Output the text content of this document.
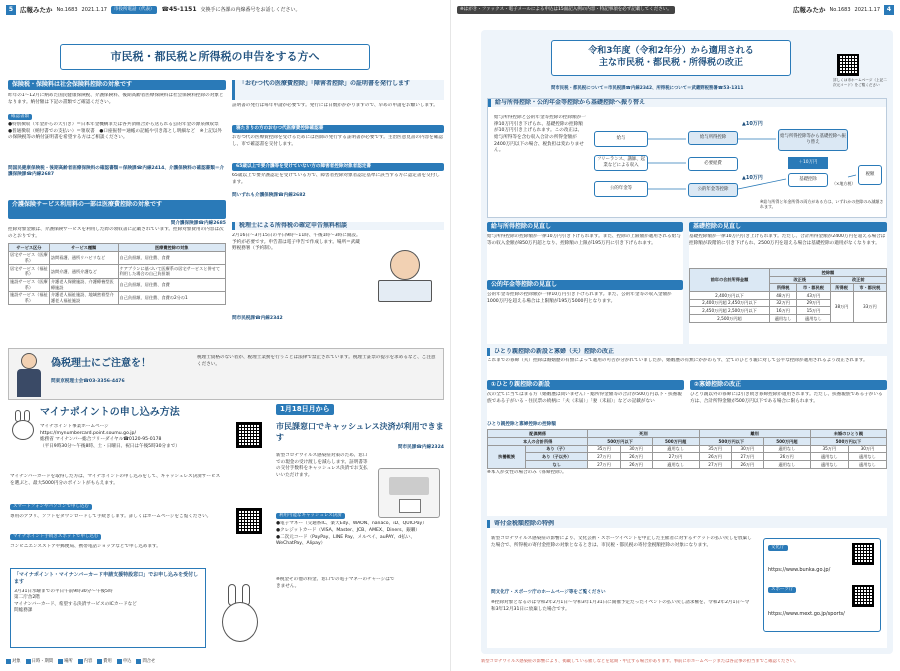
5	広報みたか No.1683 2021.1.17	市役所電話（代表）	☎45-1151 交換手に各課の内線番号をお話しください。
市民税・都民税と所得税の申告をする方へ
保険税・保険料は社会保険料控除の対象です
昨年の1〜12月に納めた国民健康保険税、介護保険料、後期高齢者医療保険料は社会保険料控除の対象となります。納付額は下記の書類でご確認ください。
確認書類
●特別徴収（年金からの天引き）＝日本年金機構または各共済組合から送られる公的年金の源泉徴収票　●普通徴収（納付書での支払い）＝領収書　●口座振替＝通帳の記帳や引き落とし明細など　※上記以外の保険税等の納付証明書を希望する方はご相談ください。
問国民健康保険税・後期高齢者医療保険料の確認書類＝保険課☎内線2414、介護保険料の確認書類＝介護保険課☎内線2687
介護保険サービス利用料の一部は医療費控除の対象です
問介護保険課☎内線2685
控除対象金額は、介護保険サービスを利用した際の領収書に記載されています。控除対象費用の内容は次のとおりです。
サービス区分	サービス種類	医療費控除の対象
居宅サービス（医療系）	訪問看護、通所リハビリなど	自己負担額、居住費、食費
居宅サービス（福祉系）	訪問介護、通所介護など	ケアプランに基づいて医療系の居宅サービスと併せて利用した場合の自己負担額
施設サービス（医療系）	介護老人保健施設、介護療養型医療施設	自己負担額、居住費、食費
施設サービス（福祉系）	介護老人福祉施設、地域密着型介護老人福祉施設	自己負担額、居住費、食費の2分の1
「おむつ代の医療費控除」「障害者控除」の証明書を発行します
証明書の発行は毎年申請が必要です。発行には日数がかかりますので、早めの申請をお願いします。
寝たきりの方のおむつ代医療費控除確認書
おむつ代の医療費控除を受けるためには医師の発行する証明書が必要です。主治医意見書の内容を確認し、市で確認書を交付します。
65歳以上で要介護等を受けていない方の障害者控除対象者認定書
65歳以上で要介護認定を受けている方で、障害者控除対象者認定基準に該当する方に認定書を交付します。
問いずれも介護保険課☎内線2682
税理士による所得税の確定申告無料相談
2月16日〜3月15日の平日9時〜11時、午後1時〜3時に開設。予約が必要です。申告書は電子申告で作成します。場所＝武蔵野税務署（予約制）。
問市民税課☎内線2342
偽税理士にご注意を！
問東京税理士会☎03-3356-4476
税理士資格のない者が、税理士業務を行うことは法律で禁止されています。税理士証票の提示を求めるなど、ご注意ください。
マイナポイントの申し込み方法
マイナポイント事業ホームページ
https://mynumbercard.point.soumu.go.jp/
総務省 マイナンバー総合フリーダイヤル☎0120-95-0178
（平日9時30分〜午後8時、土・日曜日、祝日は午後5時30分まで）
マイナンバーカードを取得した方は、マイナポイントの申し込みをして、キャッシュレス決済サービスを選ぶと、最大5000円分のポイントがもらえます。
スマートフォンやパソコンで申し込む
専用のアプリ、ソフトをダウンロードして手続きします。詳しくはホームページをご覧ください。
マイナポイント手続きスポットで申し込む
コンビニエンスストアや郵便局、携帯電話ショップなどで申し込めます。
「マイナポイント・マイナンバーカード申請支援特設窓口」でお申し込みを受付します
3月31日水曜までの平日午前9時30分〜午後5時
第二庁舎2階
マイナンバーカード、希望する決済サービスのICカードなど
問総務課
1月18日月から
市民課窓口でキャッシュレス決済が利用できます
問市民課☎内線2324
新型コロナウイルス感染症対策のため、窓口での現金の受け渡しを減らします。証明書等の交付手数料をキャッシュレス決済でお支払いいただけます。
利用可能なキャッシュレス決済
●電子マネー（交通系IC、楽天Edy、WAON、nanaco、iD、QUICPay）
●クレジットカード（VISA、Master、JCB、AMEX、Diners、銀聯）
●二次元コード（PayPay、LINE Pay、メルペイ、auPAY、d払い、WeChatPay、Alipay）
※税金その他の料金、窓口での電子マネーのチャージはできません。
対象	日時・期間	場所	内容	費用	申込	問合せ
※はがき・ファックス・電子メールによる申込は15面記入例の内容・特記事項を必ず記載してください。	広報みたか No.1683 2021.1.17	4
令和3年度（令和2年分）から適用される
主な市民税・都民税・所得税の改正
詳しくは市ホームページ（上記二次元コード）をご覧ください
問市民税・都民税について＝市民税課☎内線2342、所得税について＝武蔵野税務署☎53-1311
給与所得控除・公的年金等控除から基礎控除へ振り替え
給与所得控除と公的年金等控除の控除額が一律10万円引き下げられ、基礎控除の控除額が10万円引き上げられます。この改正は、給与所得等を含む収入合計の所得金額が2400万円以下の場合、税負担は変わりません。
給与
フリーランス、講師、起業などによる収入
公的年金等
給与所得控除
必要経費
公的年金等控除
▲10万円
▲10万円
給与所得控除等から基礎控除へ振り替え
＋10万円
基礎控除
（×地方税）
税額
※給与所得と年金所得の両方がある方は、いずれかの控除のみ減額されます。
給与所得控除の見直し
給与所得控除の控除額が一律10万円引き下げられます。また、控除の上限額が適用される給与等の収入金額が850万円超となり、控除額の上限が195万円に引き下げられます。
公的年金等控除の見直し
公的年金等控除の控除額が一律10万円引き下げられます。また、公的年金等の収入金額が1000万円を超える場合は上限額が195万5000円となります。
基礎控除の見直し
基礎控除額が一律10万円引き上げられます。ただし、合計所得金額が2400万円を超える場合は控除額が段階的に引き下げられ、2500万円を超える場合は基礎控除の適用がなくなります。
前年の合計所得金額	控除額			
	改正後		改正前	
	所得税	市・都民税	所得税	市・都民税
2,400万円以下	48万円	43万円	38万円	33万円
2,400万円超 2,450万円以下	32万円	29万円		
2,450万円超 2,500万円以下	16万円	15万円		
2,500万円超	適用なし	適用なし		
ひとり親控除の新設と寡婦（夫）控除の改正
これまでの寡婦（夫）控除は婚姻歴の有無によって適用の可否が分かれていましたが、婚姻歴の有無にかかわらず、全てのひとり親に対して公平な控除が適用されるよう改正されます。
①ひとり親控除の新設
次の全てに当てはまる方（婚姻歴は問いません）・総所得金額等の合計が500万円以下・扶養親族である子がいる・住民票の続柄に「夫（未届）」「妻（未届）」などの記載がない
②寡婦控除の改正
ひとり親以外の寡婦には引き続き寡婦控除が適用されます。ただし、扶養親族である子がいる方は、合計所得金額が500万円以下である場合に限られます。
ひとり親控除と寡婦控除の控除額
配偶関係		死別			離別			未婚のひとり親	
本人の合計所得		500万円以下		500万円超	500万円以下		500万円超	500万円以下	
扶養親族	あり（子）	35万円	30万円	適用なし	35万円	30万円	適用なし	35万円	30万円
	あり（子以外）	27万円	26万円	27万円	26万円	27万円	26万円	適用なし	適用なし
	なし	27万円	26万円	適用なし	27万円	26万円	適用なし	適用なし	適用なし
※本人が女性の場合のみ（寡婦控除）。
寄付金税額控除の特例
新型コロナウイルス感染症の影響により、文化芸術・スポーツイベントを中止した主催者に対するチケットの払い戻しを放棄した場合で、所得税の寄付金控除の対象となるときは、市民税・都民税の寄付金税額控除の対象になります。
問文化庁・スポーツ庁のホームページ等をご覧ください
※控除対象となるのは令和2年2月1日〜令和3年1月31日に開催予定だったイベントの払い戻し請求権を、令和2年2月1日〜令和3年12月31日に放棄した場合です。
文化庁
https://www.bunka.go.jp/
スポーツ庁
https://www.mext.go.jp/sports/
新型コロナウイルス感染症の影響により、掲載している催しなどを延期・中止する場合があります。事前に市ホームページまたは各記事の担当までご確認ください。
